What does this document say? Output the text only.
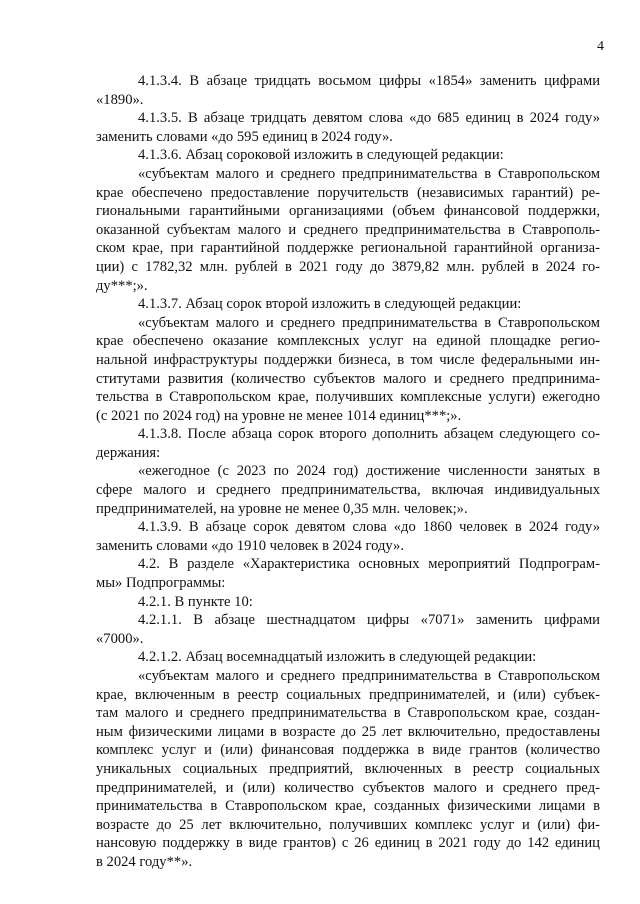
4
4.1.3.4. В абзаце тридцать восьмом цифры «1854» заменить цифрами
«1890».
4.1.3.5. В абзаце тридцать девятом слова «до 685 единиц в 2024 году»
заменить словами «до 595 единиц в 2024 году».
4.1.3.6. Абзац сороковой изложить в следующей редакции:
«субъектам малого и среднего предпринимательства в Ставропольском
крае обеспечено предоставление поручительств (независимых гарантий) ре-
гиональными гарантийными организациями (объем финансовой поддержки,
оказанной субъектам малого и среднего предпринимательства в Ставрополь-
ском крае, при гарантийной поддержке региональной гарантийной организа-
ции) с 1782,32 млн. рублей в 2021 году до 3879,82 млн. рублей в 2024 го-
ду***;».
4.1.3.7. Абзац сорок второй изложить в следующей редакции:
«субъектам малого и среднего предпринимательства в Ставропольском
крае обеспечено оказание комплексных услуг на единой площадке регио-
нальной инфраструктуры поддержки бизнеса, в том числе федеральными ин-
ститутами развития (количество субъектов малого и среднего предпринима-
тельства в Ставропольском крае, получивших комплексные услуги) ежегодно
(с 2021 по 2024 год) на уровне не менее 1014 единиц***;».
4.1.3.8. После абзаца сорок второго дополнить абзацем следующего со-
держания:
«ежегодное (с 2023 по 2024 год) достижение численности занятых в
сфере малого и среднего предпринимательства, включая индивидуальных
предпринимателей, на уровне не менее 0,35 млн. человек;».
4.1.3.9. В абзаце сорок девятом слова «до 1860 человек в 2024 году»
заменить словами «до 1910 человек в 2024 году».
4.2. В разделе «Характеристика основных мероприятий Подпрограм-
мы» Подпрограммы:
4.2.1. В пункте 10:
4.2.1.1. В абзаце шестнадцатом цифры «7071» заменить цифрами
«7000».
4.2.1.2. Абзац восемнадцатый изложить в следующей редакции:
«субъектам малого и среднего предпринимательства в Ставропольском
крае, включенным в реестр социальных предпринимателей, и (или) субъек-
там малого и среднего предпринимательства в Ставропольском крае, создан-
ным физическими лицами в возрасте до 25 лет включительно, предоставлены
комплекс услуг и (или) финансовая поддержка в виде грантов (количество
уникальных социальных предприятий, включенных в реестр социальных
предпринимателей, и (или) количество субъектов малого и среднего пред-
принимательства в Ставропольском крае, созданных физическими лицами в
возрасте до 25 лет включительно, получивших комплекс услуг и (или) фи-
нансовую поддержку в виде грантов) с 26 единиц в 2021 году до 142 единиц
в 2024 году**».
